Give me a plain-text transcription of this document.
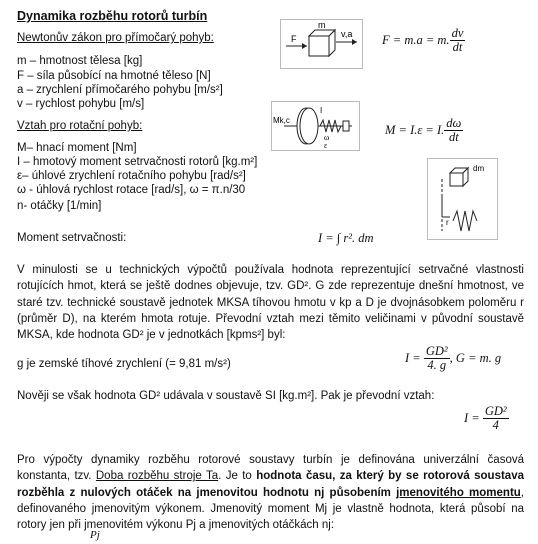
Dynamika rozběhu rotorů turbín
Newtonův zákon pro přímočarý pohyb:
m – hmotnost tělesa [kg]
F – síla působící na hmotné těleso [N]
a – zrychlení přímočarého pohybu [m/s²]
v – rychlost pohybu [m/s]
F
m
v,a F = m.a = m. $\frac{dv}{dt}$
Vztah pro rotační pohyb:
M– hnací moment [Nm]
I – hmotový moment setrvačnosti rotorů [kg.m²]
ε– úhlové zrychlení rotačního pohybu [rad/s²]
ω - úhlová rychlost rotace [rad/s], ω = π.n/30
n- otáčky [1/min]
Mk,c
I
ω
ε
M = I.ε = I. $\frac{d\omega}{dt}$
dm
r
Moment setrvačnosti:	I = ∫ r². dm
V minulosti se u technických výpočtů používala hodnota reprezentující setrvačné vlastnosti rotujících hmot, která se ještě dodnes objevuje, tzv. GD². G zde reprezentuje dnešní hmotnost, ve staré tzv. technické soustavě jednotek MKSA tíhovou hmotu v kp a D je dvojnásobkem poloměru r (průměr D), na kterém hmota rotuje. Převodní vztah mezi těmito veličinami v původní soustavě MKSA, kde hodnota GD² je v jednotkách [kpms²] byl:
g je zemské tíhové zrychlení (= 9,81 m/s²)	$I = \frac{\text{GD²}}{4. g}$ , G = m. g
Nověji se však hodnota GD² udávala v soustavě SI [kg.m²]. Pak je převodní vztah:
$I = \frac{\text{GD²}}{4}$
Pro výpočty dynamiky rozběhu rotorové soustavy turbín je definována univerzální časová konstanta, tzv. Doba rozběhu stroje Ta. Je to hodnota času, za který by se rotorová soustava rozběhla z nulových otáček na jmenovitou hodnotu nj působením jmenovitého momentu, definovaného jmenovitým výkonem. Jmenovitý moment Mj je vlastně hodnota, která působí na rotory jen při jmenovitém výkonu Pj a jmenovitých otáčkách nj:
Pj
